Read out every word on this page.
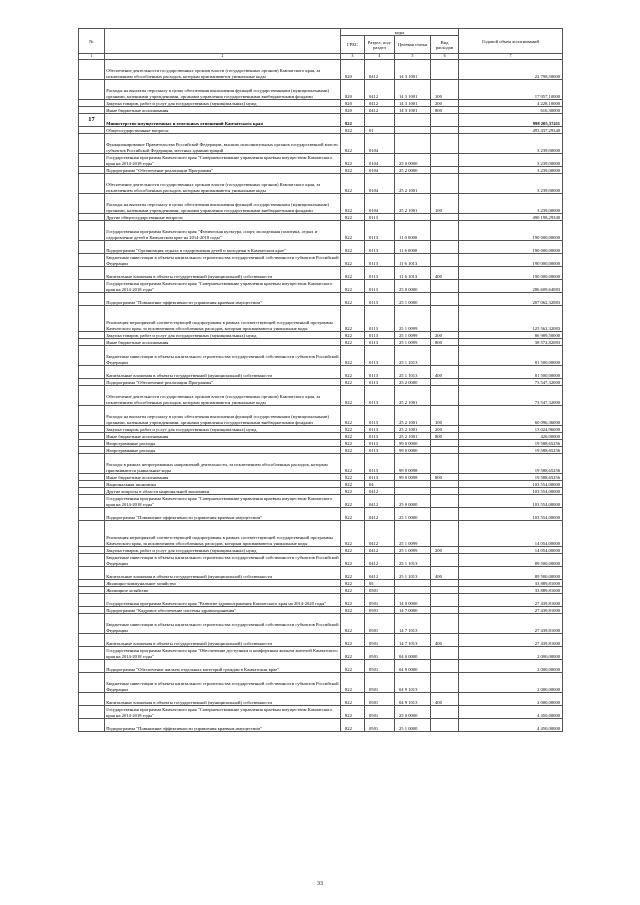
№		коды				Годовой объем ассигнований
		ГРБС	Раздел, под-раздел	Целевая статья	Вид расходов	
1	2	3	4	5	6	7
	Обеспечение деятельности государственных органов власти (государственных органов) Камчатского края, за исключением обособленных расходов, которым присваиваются уникальные коды	820	0412	14 3 1001		22 798,50000
	Расходы на выплаты персоналу в целях обеспечения выполнения функций государственными (муниципальными) органами, казенными учреждениями, органами управления государственными внебюджетными фондами	820	0412	14 3 1001	100	17 957,10000
	Закупка товаров, работ и услуг для государственных (муниципальных) нужд	820	0412	14 3 1001	200	4 228,10000
	Иные бюджетные ассигнования	820	0412	14 3 1001	800	616,30000
17	Министерство имущественных и земельных отношений Камчатского края	822				998 205,37411
	Общегосударственные вопросы	822	01			493 437,29340
	Функционирование Правительства Российской Федерации, высших исполнительных органов государственной власти субъектов Российской Федерации, местных администраций	822	0104			3 239,00000
	Государственная программа Камчатского края "Совершенствование управления краевым имуществом Камчатского края на 2014-2018 годы"	822	0104	25 0 0000		3 239,00000
	Подпрограмма "Обеспечение реализации Программы"	822	0104	25 2 0000		3 239,00000
	Обеспечение деятельности государственных органов власти (государственных органов) Камчатского края, за исключением обособленных расходов, которым присваиваются уникальные коды	822	0104	25 2 1001		3 239,00000
	Расходы на выплаты персоналу в целях обеспечения выполнения функций государственными (муниципальными) органами, казенными учреждениями, органами управления государственными внебюджетными фондами	822	0104	25 2 1001	100	3 239,00000
	Другие общегосударственные вопросы	822	0113			490 198,29340
	Государственная программа Камчатского края "Физическая культура, спорт, молодежная политика, отдых и оздоровление детей в Камчатском крае на 2014-2018 годы"	822	0113	11 0 0000		190 000,00000
	Подпрограмма "Организация отдыха и оздоровления детей и молодежи в Камчатском крае"	822	0113	11 6 0000		190 000,00000
	Бюджетные инвестиции в объекты капитального строительства государственной собственности субъектов Российской Федерации	822	0113	11 6 1013		190 000,00000
	Капитальные вложения в объекты государственной (муниципальной) собственности	822	0113	11 6 1013	400	190 000,00000
	Государственная программа Камчатского края "Совершенствование управления краевым имуществом Камчатского края на 2014-2018 годы"	822	0113	25 0 0000		286 609,64083
	Подпрограмма "Повышение эффективности управления краевым имуществом"	822	0113	25 1 0000		207 062,32083
	Реализация мероприятий соответствующей подпрограммы в рамках соответствующей государственной программы Камчатского края, за исключением обособленных расходов, которым присваиваются уникальные коды	822	0113	25 1 0099		125 562,32083
	Закупка товаров, работ и услуг для государственных (муниципальных) нужд	822	0113	25 1 0099	200	86 989,50000
	Иные бюджетные ассигнования	822	0113	25 1 0099	800	38 572,82083
	Бюджетные инвестиции в объекты капитального строительства государственной собственности субъектов Российской Федерации	822	0113	25 1 1013		81 500,00000
	Капитальные вложения в объекты государственной (муниципальной) собственности	822	0113	25 1 1013	400	81 500,00000
	Подпрограмма "Обеспечение реализации Программы"	822	0113	25 2 0000		73 547,32000
	Обеспечение деятельности государственных органов власти (государственных органов) Камчатского края, за исключением обособленных расходов, которым присваиваются уникальные коды	822	0113	25 2 1001		73 547,32000
	Расходы на выплаты персоналу в целях обеспечения выполнения функций государственными (муниципальными) органами, казенными учреждениями, органами управления государственными внебюджетными фондами	822	0113	25 2 1001	100	60 096,36000
	Закупка товаров, работ и услуг для государственных (муниципальных) нужд	822	0113	25 2 1001	200	13 024,96000
	Иные бюджетные ассигнования	822	0113	25 2 1001	800	426,00000
	Непрограммные расходы	822	0113	99 0 0000		19 588,65256
	Непрограммные расходы	822	0113	99 0 0000		19 588,65256
	Расходы в рамках непрограммных направлений деятельности, за исключением обособленных расходов, которым присваиваются уникальные коды	822	0113	99 0 0098		19 588,65256
	Иные бюджетные ассигнования	822	0113	99 0 0098	800	19 588,65256
	Национальная экономика	822	04			103 554,00000
	Другие вопросы в области национальной экономики	822	0412			103 554,00000
	Государственная программа Камчатского края "Совершенствование управления краевым имуществом Камчатского края на 2014-2018 годы"	822	0412	25 0 0000		103 554,00000
	Подпрограмма "Повышение эффективности управления краевым имуществом"	822	0412	25 1 0000		103 554,00000
	Реализация мероприятий соответствующей подпрограммы в рамках соответствующей государственной программы Камчатского края, за исключением обособленных расходов, которым присваиваются уникальные коды	822	0412	25 1 0099		14 054,00000
	Закупка товаров, работ и услуг для государственных (муниципальных) нужд	822	0412	25 1 0099	200	14 054,00000
	Бюджетные инвестиции в объекты капитального строительства государственной собственности субъектов Российской Федерации	822	0412	25 1 1013		89 500,00000
	Капитальные вложения в объекты государственной (муниципальной) собственности	822	0412	25 1 1013	400	89 500,00000
	Жилищно-коммунальное хозяйство	822	05			33 889,81000
	Жилищное хозяйство	822	0501			33 889,81000
	Государственная программа Камчатского края "Развитие здравоохранения Камчатского края на 2014-2020 годы"	822	0501	14 0 0000		27 439,81000
	Подпрограмма "Кадровое обеспечение системы здравоохранения"	822	0501	14 7 0000		27 439,81000
	Бюджетные инвестиции в объекты капитального строительства государственной собственности субъектов Российской Федерации	822	0501	14 7 1013		27 439,81000
	Капитальные вложения в объекты государственной (муниципальной) собственности	822	0501	14 7 1013	400	27 439,81000
	Государственная программа Камчатского края "Обеспечение доступным и комфортным жильем жителей Камчатского края на 2014-2018 годы"	822	0501	04 0 0000		2 000,00000
	Подпрограмма "Обеспечение жильем отдельных категорий граждан в Камчатском крае"	822	0501	04 9 0000		2 000,00000
	Бюджетные инвестиции в объекты капитального строительства государственной собственности субъектов Российской Федерации	822	0501	04 9 1013		2 000,00000
	Капитальные вложения в объекты государственной (муниципальной) собственности	822	0501	04 9 1013	400	2 000,00000
	Государственная программа Камчатского края "Совершенствование управления краевым имуществом Камчатского края на 2014-2018 годы"	822	0501	25 0 0000		4 450,00000
	Подпрограмма "Повышение эффективности управления краевым имуществом"	822	0501	25 1 0000		4 450,00000
33
